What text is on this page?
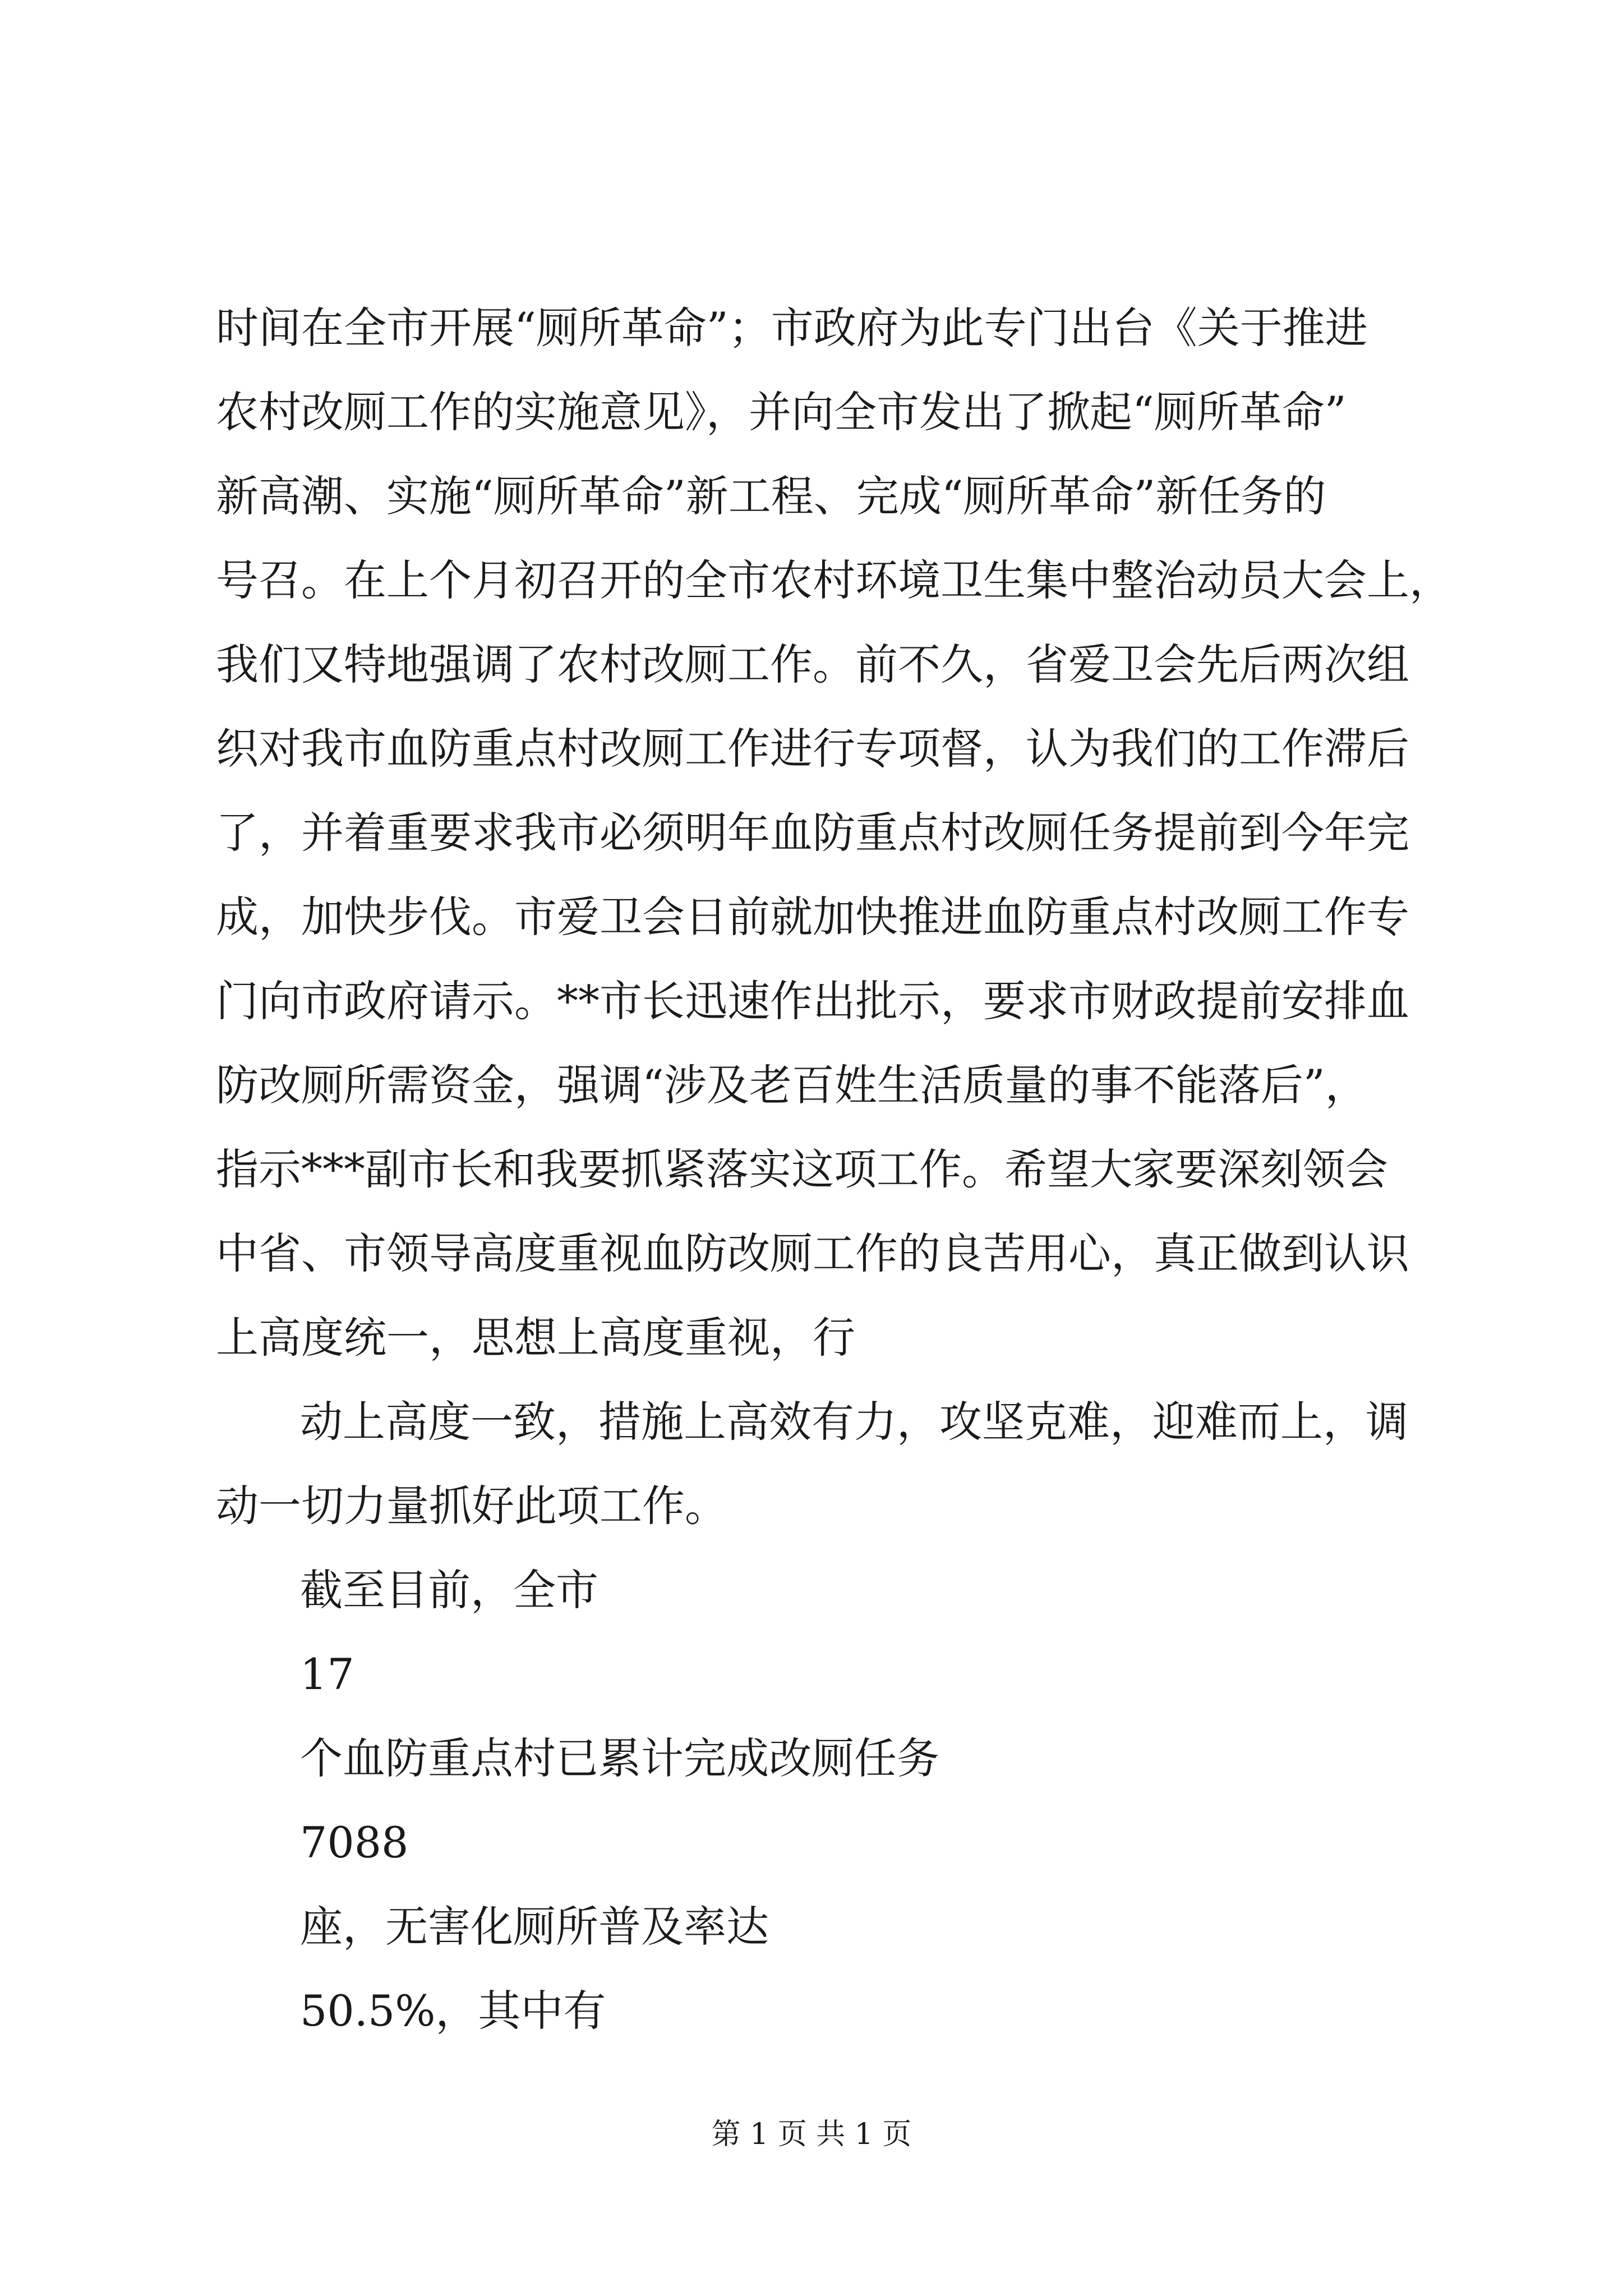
时间在全市开展“厕所革命”；市政府为此专门出台《关于推进
农村改厕工作的实施意见》，并向全市发出了掀起“厕所革命”
新高潮、实施“厕所革命”新工程、完成“厕所革命”新任务的
号召。在上个月初召开的全市农村环境卫生集中整治动员大会上，
我们又特地强调了农村改厕工作。前不久，省爱卫会先后两次组
织对我市血防重点村改厕工作进行专项督，认为我们的工作滞后
了，并着重要求我市必须明年血防重点村改厕任务提前到今年完
成，加快步伐。市爱卫会日前就加快推进血防重点村改厕工作专
门向市政府请示。**市长迅速作出批示，要求市财政提前安排血
防改厕所需资金，强调“涉及老百姓生活质量的事不能落后”，
指示***副市长和我要抓紧落实这项工作。希望大家要深刻领会
中省、市领导高度重视血防改厕工作的良苦用心，真正做到认识
上高度统一，思想上高度重视，行
动上高度一致，措施上高效有力，攻坚克难，迎难而上，调
动一切力量抓好此项工作。
截至目前，全市
17
个血防重点村已累计完成改厕任务
7088
座，无害化厕所普及率达
50.5%，其中有
第 1 页 共 1 页
